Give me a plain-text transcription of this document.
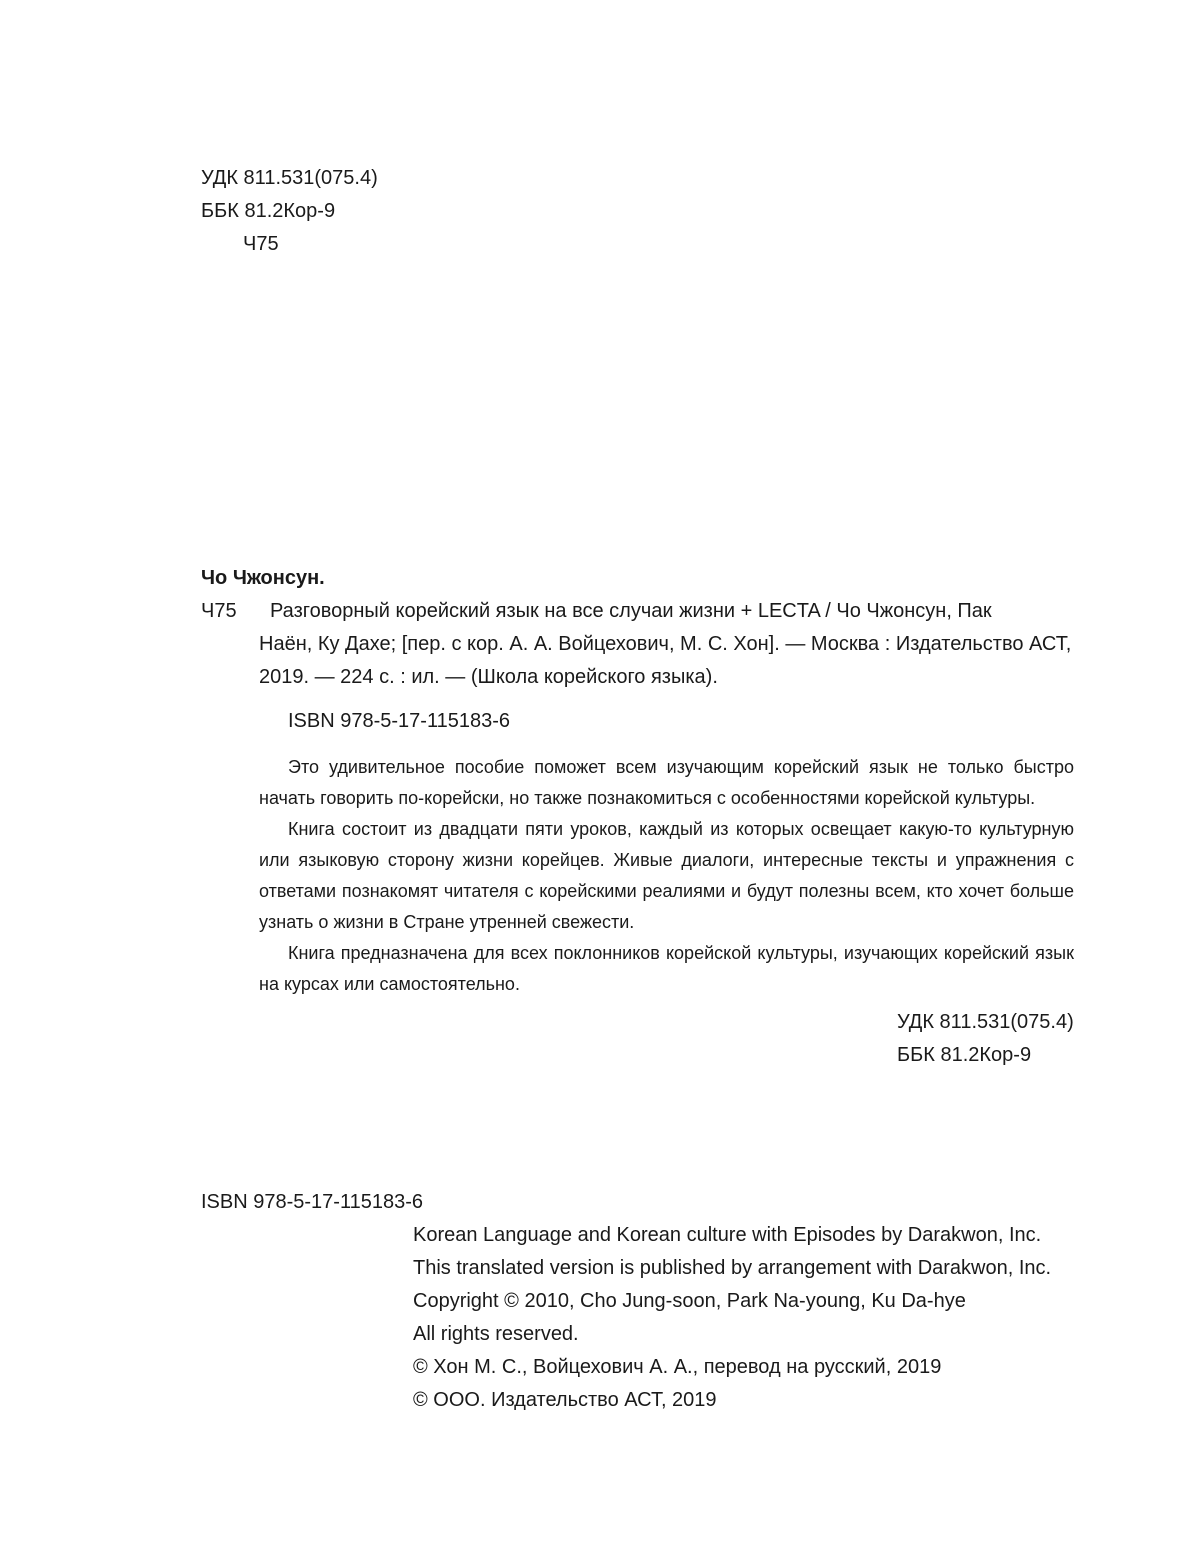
УДК 811.531(075.4)
ББК 81.2Кор-9
Ч75
Чо Чжонсун.
Ч75	Разговорный корейский язык на все случаи жизни + LECTA / Чо Чжонсун, Пак
Наён, Ку Дахе; [пер. с кор. А. А. Войцехович, М. С. Хон]. — Москва : Издательство АСТ,
2019. — 224 с. : ил. — (Школа корейского языка).
ISBN 978-5-17-115183-6

Это удивительное пособие поможет всем изучающим корейский язык не только быстро начать говорить по-корейски, но также познакомиться с особенностями корейской культуры.

Книга состоит из двадцати пяти уроков, каждый из которых освещает какую-то культурную или языковую сторону жизни корейцев. Живые диалоги, интересные тексты и упражнения с ответами познакомят читателя с корейскими реалиями и будут полезны всем, кто хочет больше узнать о жизни в Стране утренней свежести.

Книга предназначена для всех поклонников корейской культуры, изучающих корейский язык на курсах или самостоятельно.

УДК 811.531(075.4)
ББК 81.2Кор-9
ISBN 978-5-17-115183-6
Korean Language and Korean culture with Episodes by Darakwon, Inc.
This translated version is published by arrangement with Darakwon, Inc.
Copyright © 2010, Cho Jung-soon, Park Na-young, Ku Da-hye
All rights reserved.
© Хон М. С., Войцехович А. А., перевод на русский, 2019
© ООО. Издательство АСТ, 2019
